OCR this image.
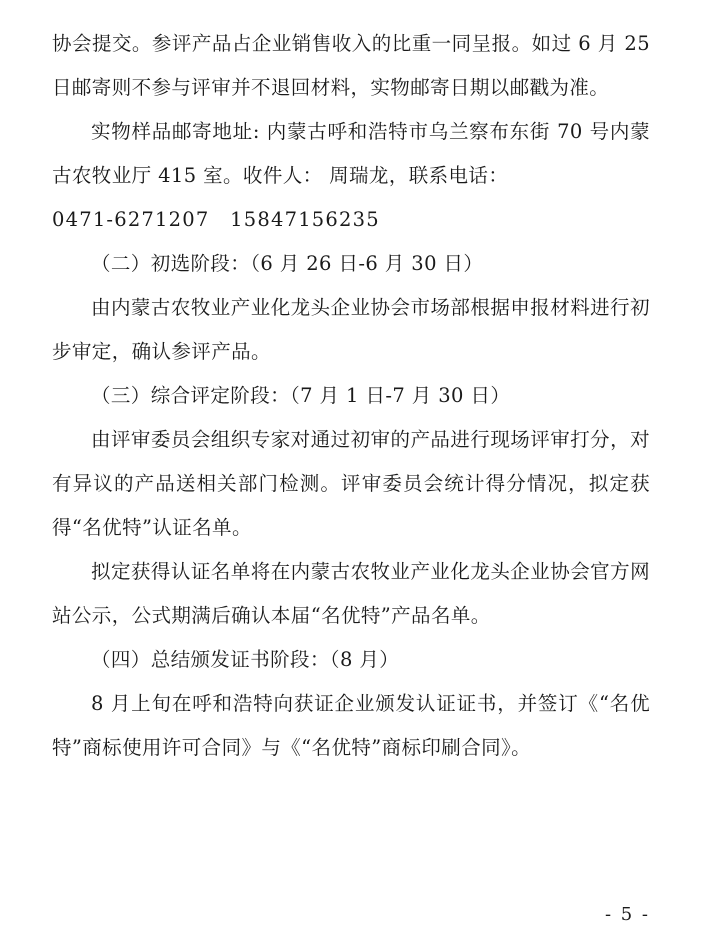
协会提交。参评产品占企业销售收入的比重一同呈报。如过 6 月 25 日邮寄则不参与评审并不退回材料，实物邮寄日期以邮戳为准。

实物样品邮寄地址: 内蒙古呼和浩特市乌兰察布东街 70 号内蒙古农牧业厅 415 室。收件人： 周瑞龙，联系电话：

0471-6271207　15847156235

（二）初选阶段：（6 月 26 日-6 月 30 日）

由内蒙古农牧业产业化龙头企业协会市场部根据申报材料进行初步审定，确认参评产品。

（三）综合评定阶段：（7 月 1 日-7 月 30 日）

由评审委员会组织专家对通过初审的产品进行现场评审打分，对有异议的产品送相关部门检测。评审委员会统计得分情况，拟定获得“名优特”认证名单。

拟定获得认证名单将在内蒙古农牧业产业化龙头企业协会官方网站公示，公式期满后确认本届“名优特”产品名单。

（四）总结颁发证书阶段：（8 月）

8 月上旬在呼和浩特向获证企业颁发认证证书，并签订《“名优特”商标使用许可合同》与《“名优特”商标印刷合同》。

- 5 -
